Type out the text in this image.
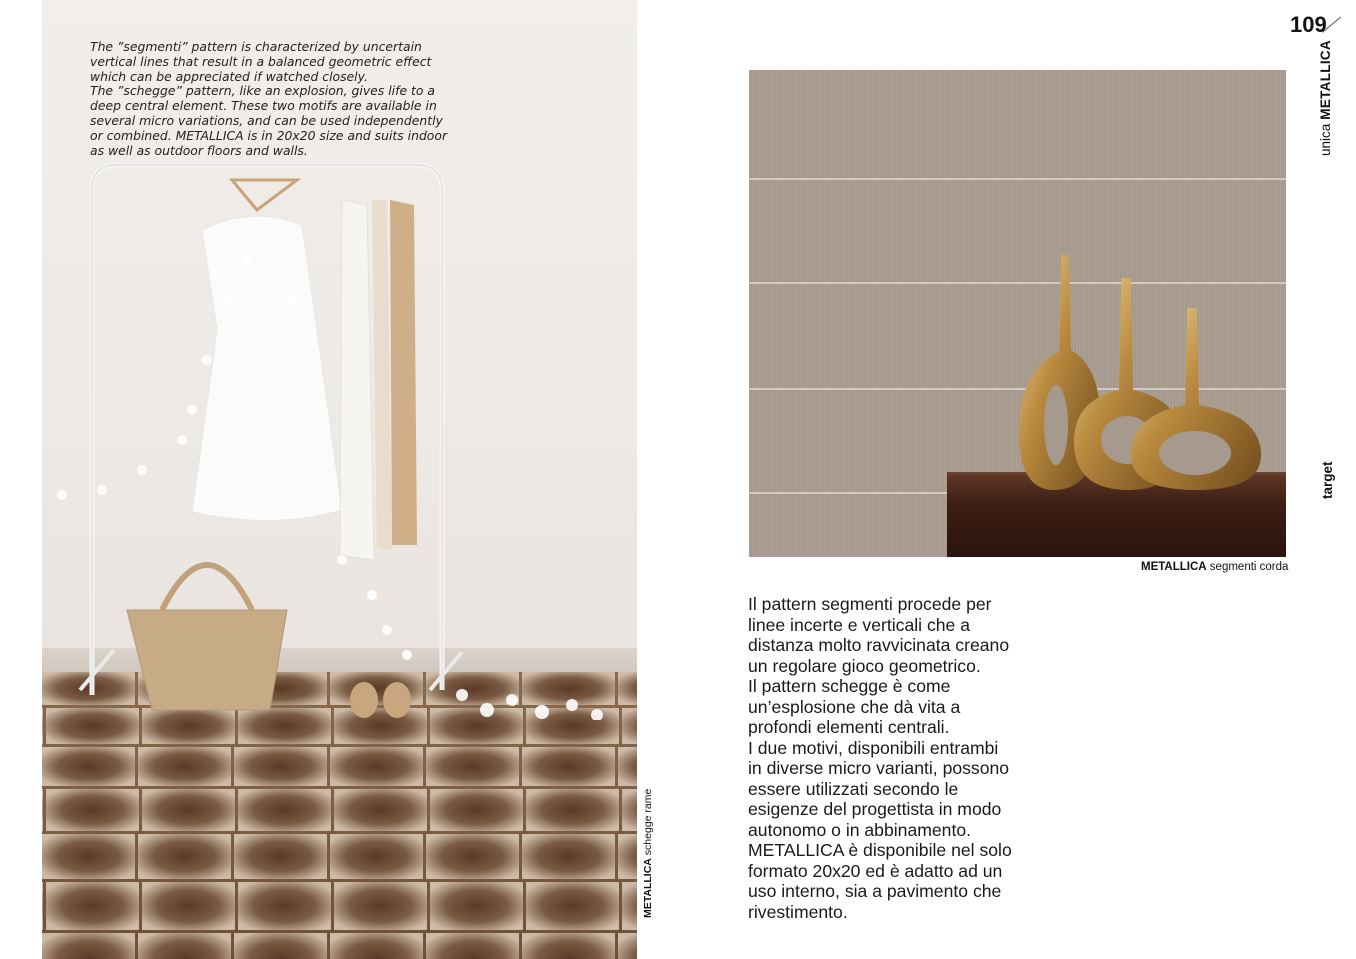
The ”segmenti” pattern is characterized by uncertain vertical lines that result in a balanced geometric effect which can be appreciated if watched closely.
The ”schegge” pattern, like an explosion, gives life to a deep central element. These two motifs are available in several micro variations, and can be used independently or combined. METALLICA is in 20x20 size and suits indoor as well as outdoor floors and walls.
METALLICA schegge rame
METALLICA segmenti corda

Il pattern segmenti procede per
linee incerte e verticali che a
distanza molto ravvicinata creano
un regolare gioco geometrico.
Il pattern schegge è come
un’esplosione che dà vita a
profondi elementi centrali.
I due motivi, disponibili entrambi
in diverse micro varianti, possono
essere utilizzati secondo le
esigenze del progettista in modo
autonomo o in abbinamento.
METALLICA è disponibile nel solo
formato 20x20 ed è adatto ad un
uso interno, sia a pavimento che
rivestimento.

109
unicaMETALLICA
target
